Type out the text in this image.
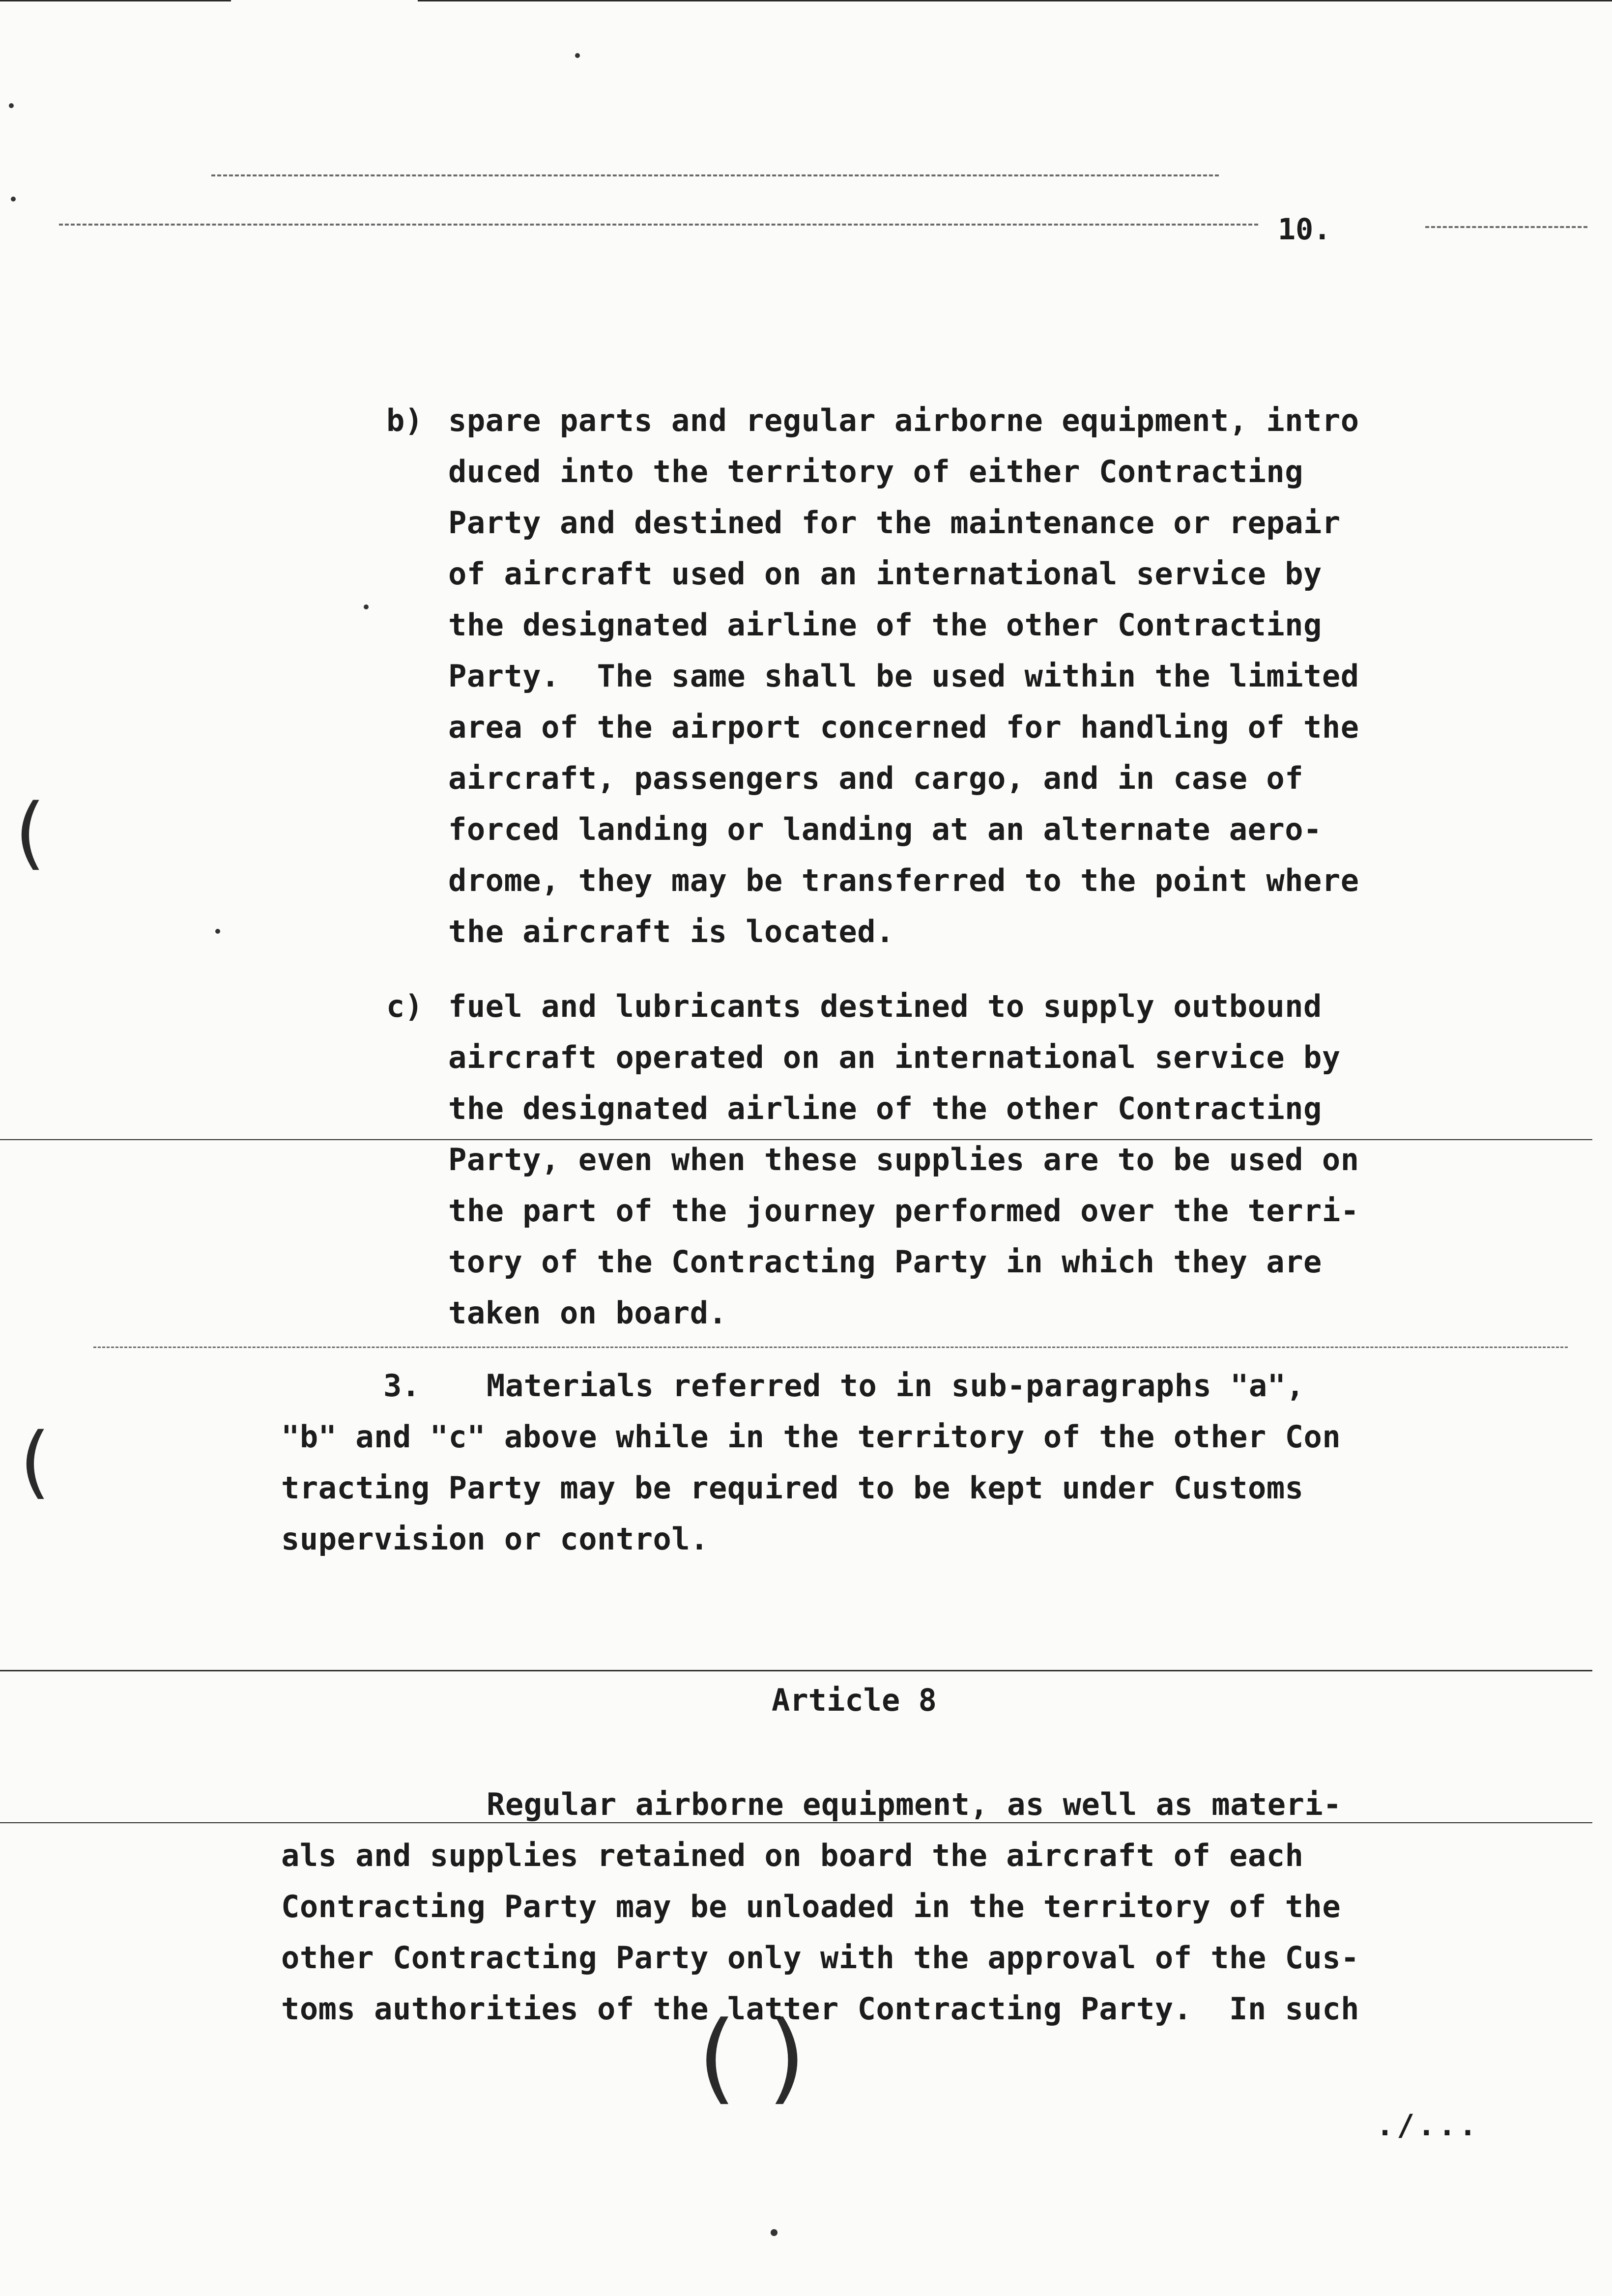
(
(
( )
10.
b) spare parts and regular airborne equipment, intro
duced into the territory of either Contracting
Party and destined for the maintenance or repair
of aircraft used on an international service by
the designated airline of the other Contracting
Party.  The same shall be used within the limited
area of the airport concerned for handling of the
aircraft, passengers and cargo, and in case of
forced landing or landing at an alternate aero-
drome, they may be transferred to the point where
the aircraft is located.
c) fuel and lubricants destined to supply outbound
aircraft operated on an international service by
the designated airline of the other Contracting
Party, even when these supplies are to be used on
the part of the journey performed over the terri-
tory of the Contracting Party in which they are
taken on board.
3. Materials referred to in sub-paragraphs "a",
"b" and "c" above while in the territory of the other Con
tracting Party may be required to be kept under Customs
supervision or control.
Article 8
Regular airborne equipment, as well as materi-
als and supplies retained on board the aircraft of each
Contracting Party may be unloaded in the territory of the
other Contracting Party only with the approval of the Cus-
toms authorities of the latter Contracting Party.  In such
./...
